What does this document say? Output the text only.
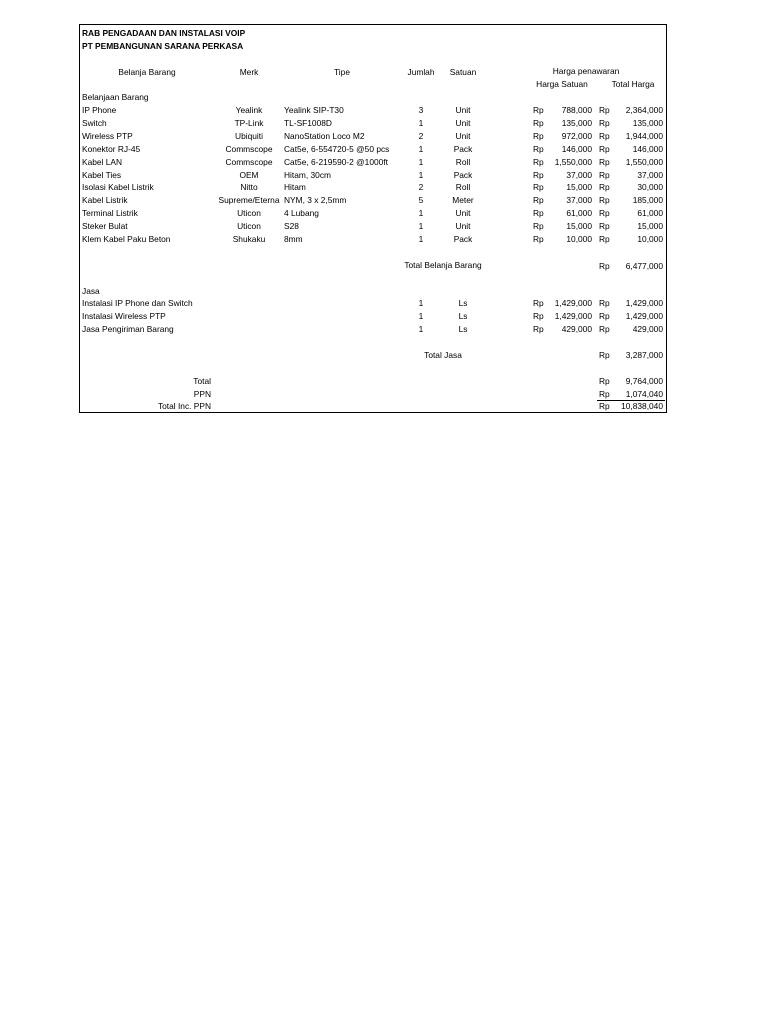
RAB PENGADAAN DAN INSTALASI VOIP
PT PEMBANGUNAN SARANA PERKASA
Belanja Barang	Merk	Tipe	Jumlah	Satuan	Harga penawaran
Harga Satuan	Total Harga
Belanjaan Barang
IP Phone	Yealink	Yealink SIP-T30	3	Unit	Rp	788,000 Rp	2,364,000
Switch	TP-Link	TL-SF1008D	1	Unit	Rp	135,000 Rp	135,000
Wireless PTP	Ubiquiti	NanoStation Loco M2	2	Unit	Rp	972,000 Rp	1,944,000
Konektor RJ-45	Commscope	Cat5e, 6-554720-5 @50 pcs	1	Pack	Rp	146,000 Rp	146,000
Kabel LAN	Commscope	Cat5e, 6-219590-2 @1000ft	1	Roll	Rp	1,550,000 Rp	1,550,000
Kabel Ties	OEM	Hitam, 30cm	1	Pack	Rp	37,000 Rp	37,000
Isolasi Kabel Listrik	Nitto	Hitam	2	Roll	Rp	15,000 Rp	30,000
Kabel Listrik	Supreme/Eterna NYM, 3 x 2,5mm	5	Meter	Rp	37,000 Rp	185,000
Terminal Listrik	Uticon	4 Lubang	1	Unit	Rp	61,000 Rp	61,000
Steker Bulat	Uticon	S28	1	Unit	Rp	15,000 Rp	15,000
Klem Kabel Paku Beton	Shukaku	8mm	1	Pack	Rp	10,000 Rp	10,000
Total Belanja Barang	Rp	6,477,000
Jasa
Instalasi IP Phone dan Switch	1	Ls	Rp	1,429,000 Rp	1,429,000
Instalasi Wireless PTP	1	Ls	Rp	1,429,000 Rp	1,429,000
Jasa Pengiriman Barang	1	Ls	Rp	429,000 Rp	429,000
Total Jasa	Rp	3,287,000
Total	Rp	9,764,000
PPN	Rp	1,074,040
Total Inc. PPN	Rp	10,838,040
